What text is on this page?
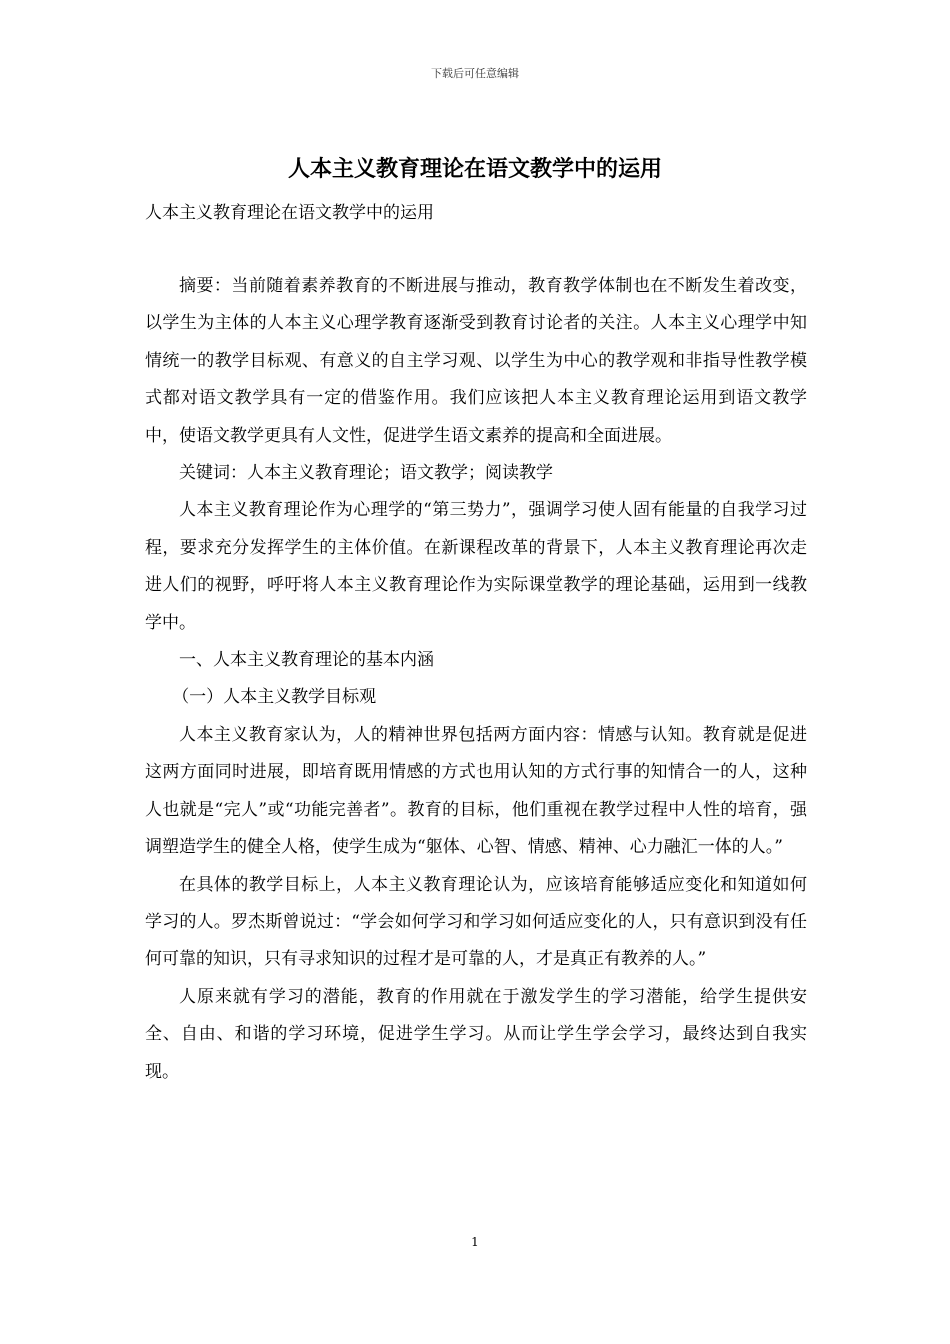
下载后可任意编辑
人本主义教育理论在语文教学中的运用
人本主义教育理论在语文教学中的运用

摘要：当前随着素养教育的不断进展与推动，教育教学体制也在不断发生着改变，以学生为主体的人本主义心理学教育逐渐受到教育讨论者的关注。人本主义心理学中知情统一的教学目标观、有意义的自主学习观、以学生为中心的教学观和非指导性教学模式都对语文教学具有一定的借鉴作用。我们应该把人本主义教育理论运用到语文教学中，使语文教学更具有人文性，促进学生语文素养的提高和全面进展。

关键词：人本主义教育理论；语文教学；阅读教学

人本主义教育理论作为心理学的“第三势力”，强调学习使人固有能量的自我学习过程，要求充分发挥学生的主体价值。在新课程改革的背景下，人本主义教育理论再次走进人们的视野，呼吁将人本主义教育理论作为实际课堂教学的理论基础，运用到一线教学中。

一、人本主义教育理论的基本内涵

（一）人本主义教学目标观

人本主义教育家认为，人的精神世界包括两方面内容：情感与认知。教育就是促进这两方面同时进展，即培育既用情感的方式也用认知的方式行事的知情合一的人，这种人也就是“完人”或“功能完善者”。教育的目标，他们重视在教学过程中人性的培育，强调塑造学生的健全人格，使学生成为“躯体、心智、情感、精神、心力融汇一体的人。”

在具体的教学目标上，人本主义教育理论认为，应该培育能够适应变化和知道如何学习的人。罗杰斯曾说过：“学会如何学习和学习如何适应变化的人，只有意识到没有任何可靠的知识，只有寻求知识的过程才是可靠的人，才是真正有教养的人。”

人原来就有学习的潜能，教育的作用就在于激发学生的学习潜能，给学生提供安全、自由、和谐的学习环境，促进学生学习。从而让学生学会学习，最终达到自我实现。

1
